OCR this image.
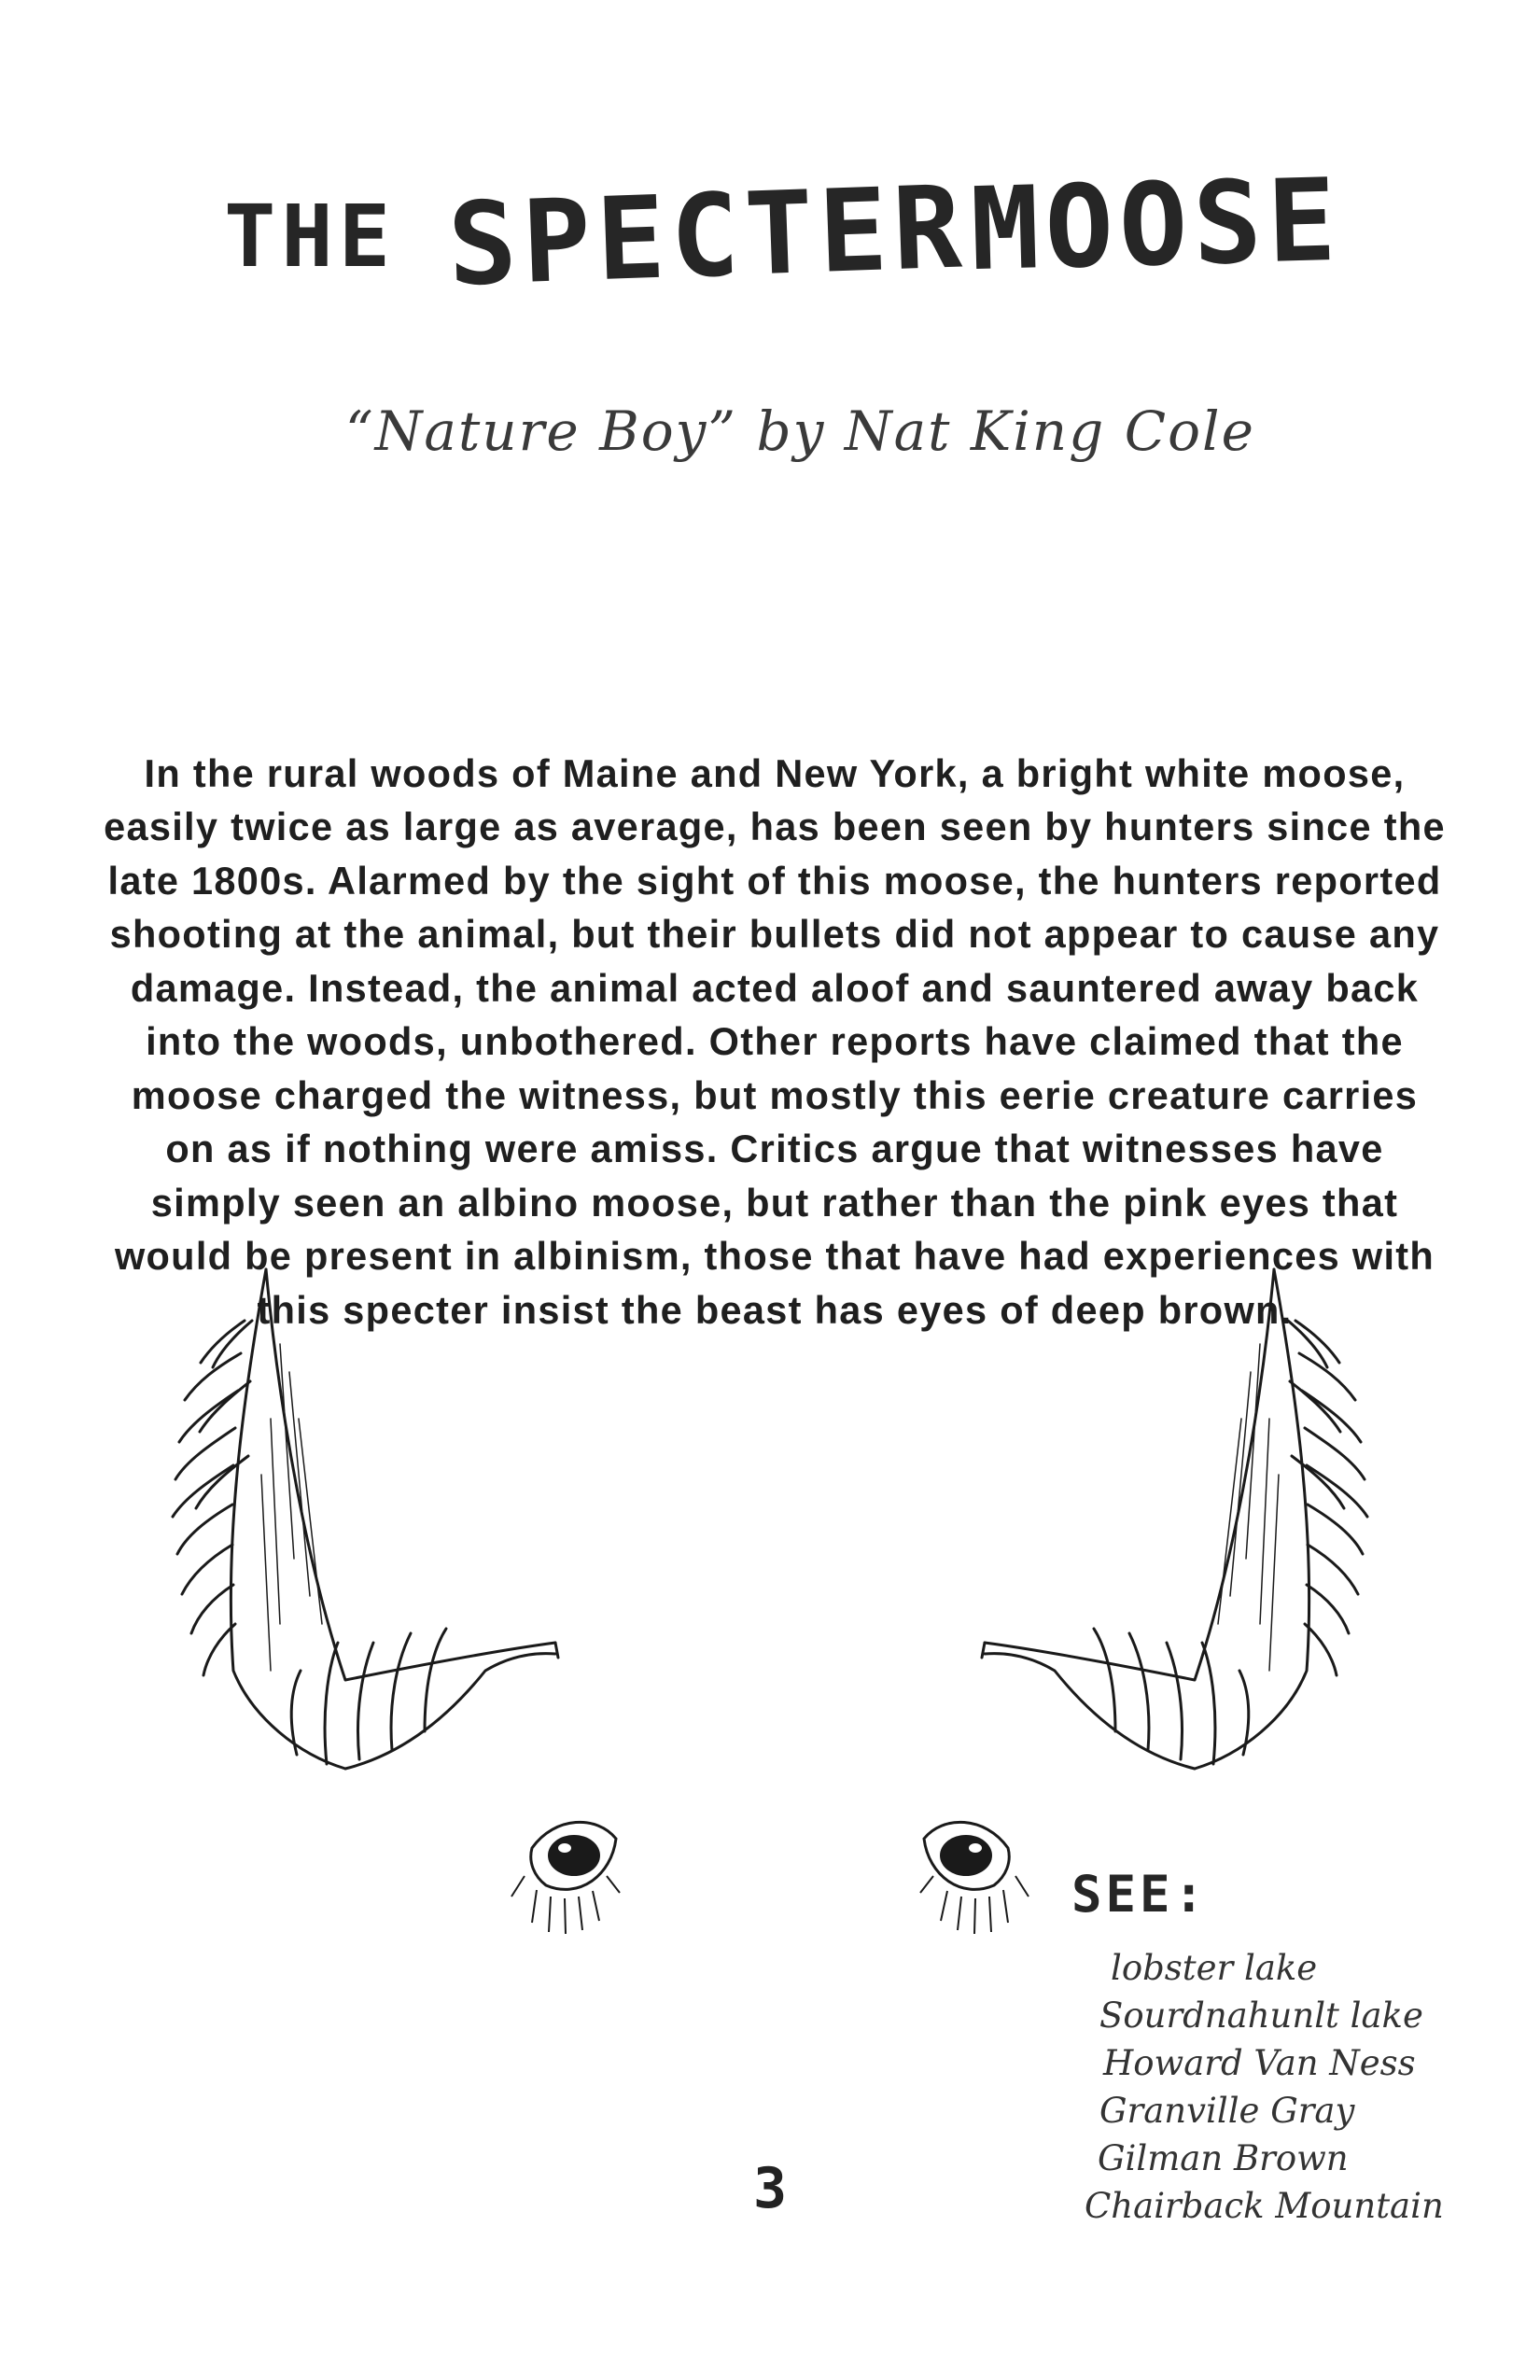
THE SPECTER MOOSE
“Nature Boy” by Nat King Cole

In the rural woods of Maine and New York, a bright white moose, easily twice as large as average, has been seen by hunters since the late 1800s. Alarmed by the sight of this moose, the hunters reported shooting at the animal, but their bullets did not appear to cause any damage. Instead, the animal acted aloof and sauntered away back into the woods, unbothered. Other reports have claimed that the moose charged the witness, but mostly this eerie creature carries on as if nothing were amiss. Critics argue that witnesses have simply seen an albino moose, but rather than the pink eyes that would be present in albinism, those that have had experiences with this specter insist the beast has eyes of deep brown.

SEE:
lobster lake
Sourdnahunlt lake
Howard Van Ness
Granville Gray
Gilman Brown
Chairback Mountain
3
